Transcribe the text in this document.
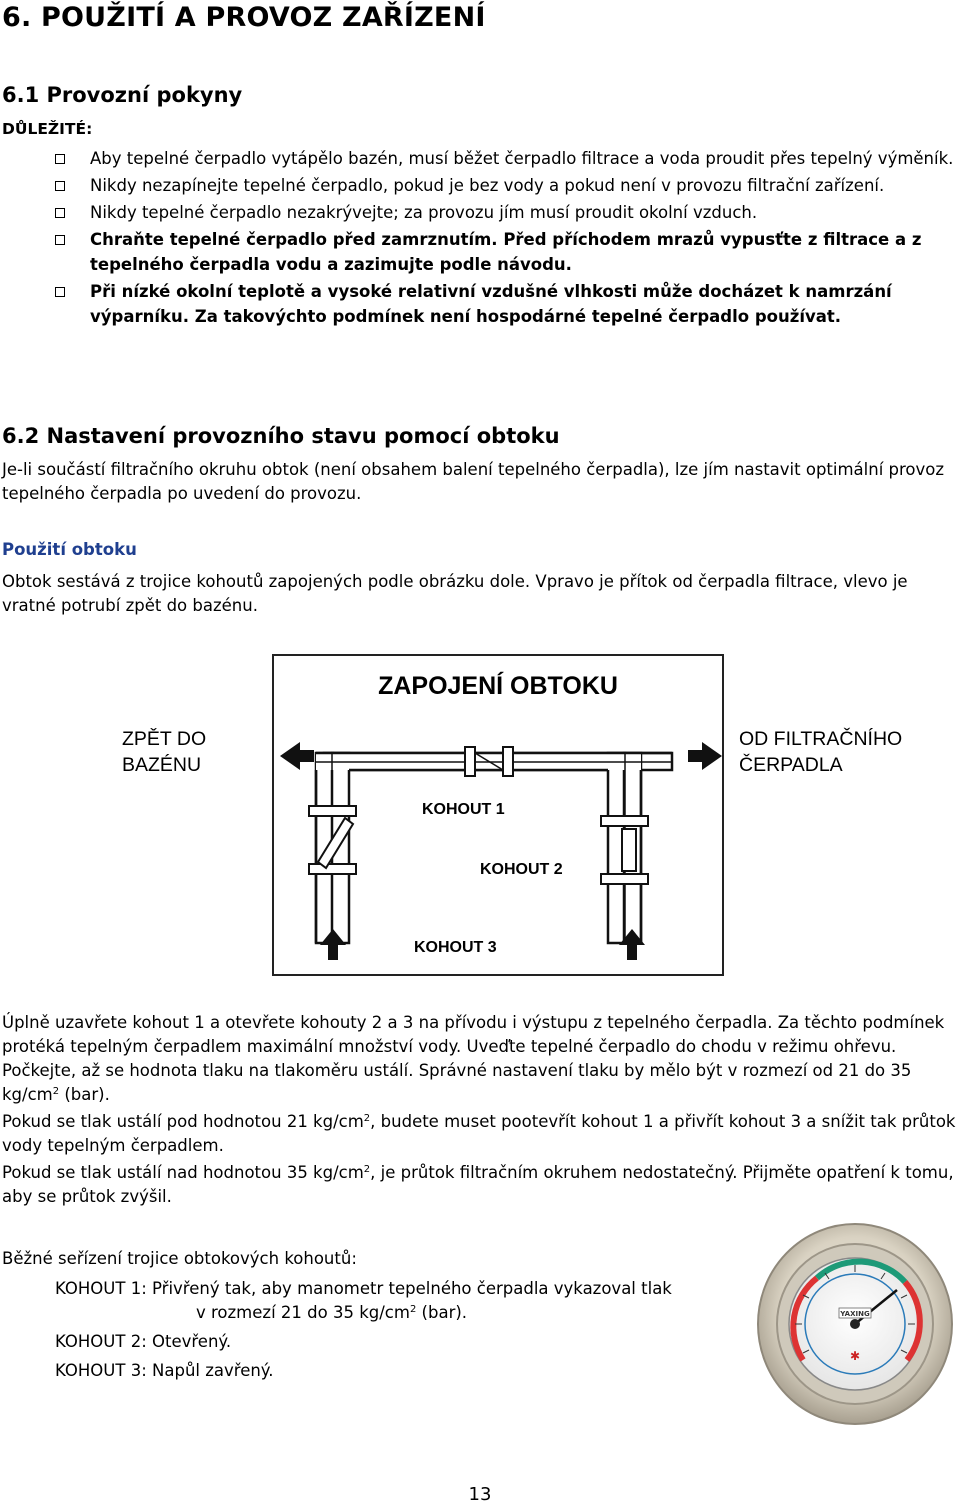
6. POUŽITÍ A PROVOZ ZAŘÍZENÍ
6.1 Provozní pokyny
DŮLEŽITÉ:
Aby tepelné čerpadlo vytápělo bazén, musí běžet čerpadlo filtrace a voda proudit přes tepelný výměník.
Nikdy nezapínejte tepelné čerpadlo, pokud je bez vody a pokud není v provozu filtrační zařízení.
Nikdy tepelné čerpadlo nezakrývejte; za provozu jím musí proudit okolní vzduch.
Chraňte tepelné čerpadlo před zamrznutím. Před příchodem mrazů vypusťte z filtrace a z tepelného čerpadla vodu a zazimujte podle návodu.
Při nízké okolní teplotě a vysoké relativní vzdušné vlhkosti může docházet k namrzání výparníku. Za takovýchto podmínek není hospodárné tepelné čerpadlo používat.
6.2 Nastavení provozního stavu pomocí obtoku
Je-li součástí filtračního okruhu obtok (není obsahem balení tepelného čerpadla), lze jím nastavit optimální provoz tepelného čerpadla po uvedení do provozu.
Použití obtoku
Obtok sestává z trojice kohoutů zapojených podle obrázku dole. Vpravo je přítok od čerpadla filtrace, vlevo je vratné potrubí zpět do bazénu.
ZAPOJENÍ OBTOKU
KOHOUT 1
KOHOUT 2
KOHOUT 3
ZPĚT DO
BAZÉNU
OD FILTRAČNÍHO
ČERPADLA

Úplně uzavřete kohout 1 a otevřete kohouty 2 a 3 na přívodu i výstupu z tepelného čerpadla. Za těchto podmínek protéká tepelným čerpadlem maximální množství vody. Uveďte tepelné čerpadlo do chodu v režimu ohřevu. Počkejte, až se hodnota tlaku na tlakoměru ustálí. Správné nastavení tlaku by mělo být v rozmezí od 21 do 35 $kg/cm^2$ (bar).

Pokud se tlak ustálí pod hodnotou 21 $kg/cm^2$, budete muset pootevřít kohout 1 a přivřít kohout 3 a snížit tak průtok vody tepelným čerpadlem.

Pokud se tlak ustálí nad hodnotou 35 $kg/cm^2$, je průtok filtračním okruhem nedostatečný. Přijměte opatření k tomu, aby se průtok zvýšil.

Běžné seřízení trojice obtokových kohoutů:
KOHOUT 1: Přivřený tak, aby manometr tepelného čerpadla vykazoval tlak
v rozmezí 21 do 35 $kg/cm^2$ (bar).
KOHOUT 2: Otevřený.
KOHOUT 3: Napůl zavřený.
YAXING
✱
13
